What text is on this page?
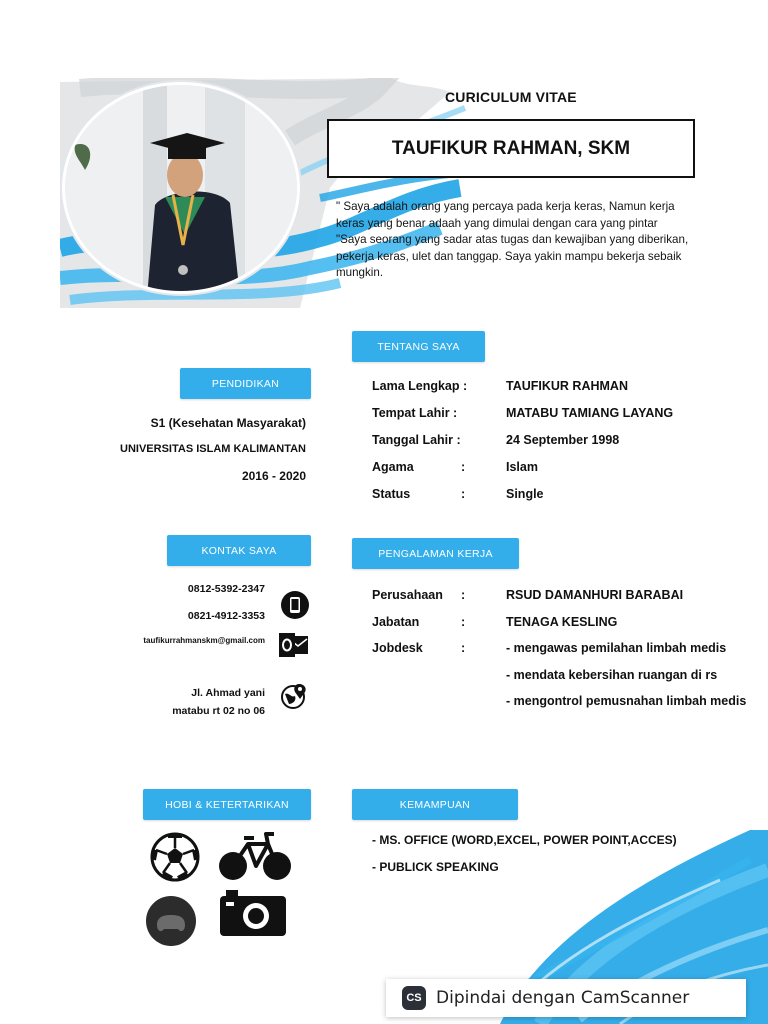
CURICULUM VITAE
TAUFIKUR RAHMAN, SKM
" Saya adalah orang yang percaya pada kerja keras, Namun kerja
keras yang benar adaah yang dimulai dengan cara yang pintar
"Saya seorang yang sadar atas tugas dan kewajiban yang diberikan,
pekerja keras, ulet dan tanggap. Saya yakin mampu bekerja sebaik
mungkin.
TENTANG SAYA
Lama Lengkap :	TAUFIKUR RAHMAN
Tempat Lahir :	MATABU TAMIANG LAYANG
Tanggal Lahir :	24 September 1998
Agama	:	Islam
Status	:	Single
PENDIDIKAN
S1 (Kesehatan Masyarakat)
UNIVERSITAS ISLAM KALIMANTAN
2016 - 2020
KONTAK SAYA
0812-5392-2347
0821-4912-3353
taufikurrahmanskm@gmail.com
Jl. Ahmad yani
matabu rt 02 no 06
PENGALAMAN KERJA
Perusahaan :	RSUD DAMANHURI BARABAI
Jabatan	:	TENAGA KESLING
Jobdesk	:	- mengawas pemilahan limbah medis
- mendata kebersihan ruangan di rs
- mengontrol pemusnahan limbah medis
HOBI & KETERTARIKAN	KEMAMPUAN
- MS. OFFICE (WORD,EXCEL, POWER POINT,ACCES)
- PUBLICK SPEAKING
CS Dipindai dengan CamScanner
